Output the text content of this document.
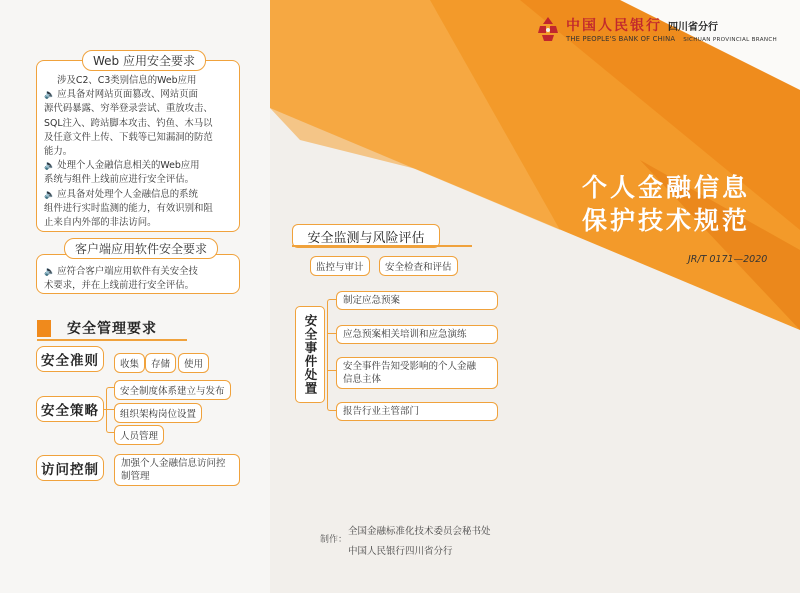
Web 应用安全要求
涉及C2、C3类别信息的Web应用
🔈 应具备对网站页面篡改、网站页面
源代码暴露、穷举登录尝试、重放攻击、
SQL注入、跨站脚本攻击、钓鱼、木马以
及任意文件上传、下载等已知漏洞的防范
能力。
🔈 处理个人金融信息相关的Web应用
系统与组件上线前应进行安全评估。
🔈 应具备对处理个人金融信息的系统
组件进行实时监测的能力，有效识别和阻
止来自内外部的非法访问。
客户端应用软件安全要求
🔈 应符合客户端应用软件有关安全技
术要求，并在上线前进行安全评估。
安全管理要求
安全准则	收集	存储	使用
安全策略
安全制度体系建立与发布
组织架构岗位设置
人员管理
访问控制	加强个人金融信息访问控
制管理
安全监测与风险评估
监控与审计	安全检查和评估
安全事件处置
制定应急预案
应急预案相关培训和应急演练
安全事件告知受影响的个人金融
信息主体
报告行业主管部门
制作：
全国金融标准化技术委员会秘书处
中国人民银行四川省分行
中国人民银行 四川省分行
THE PEOPLE'S BANK OF CHINA SICHUAN PROVINCIAL BRANCH
个人金融信息
保护技术规范
JR/T 0171—2020
